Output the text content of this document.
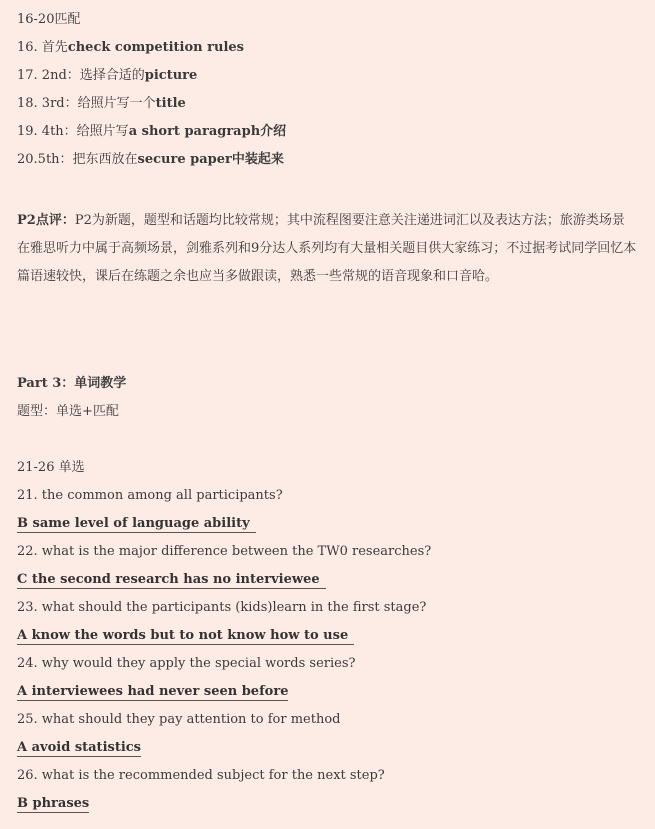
16-20匹配

16. 首先check competition rules

17. 2nd：选择合适的picture

18. 3rd：给照片写一个title

19. 4th：给照片写a short paragraph介绍

20.5th：把东西放在secure paper中装起来

P2点评：P2为新题，题型和话题均比较常规；其中流程图要注意关注递进词汇以及表达方法；旅游类场景在雅思听力中属于高频场景，剑雅系列和9分达人系列均有大量相关题目供大家练习；不过据考试同学回忆本篇语速较快，课后在练题之余也应当多做跟读，熟悉一些常规的语音现象和口音哈。

Part 3：单词教学

题型：单选+匹配

21-26 单选

21. the common among all participants?

B same level of language ability

22. what is the major difference between the TW0 researches?

C the second research has no interviewee

23. what should the participants (kids)learn in the first stage?

A know the words but to not know how to use

24. why would they apply the special words series?

A interviewees had never seen before

25. what should they pay attention to for method

A avoid statistics

26. what is the recommended subject for the next step?

B phrases
